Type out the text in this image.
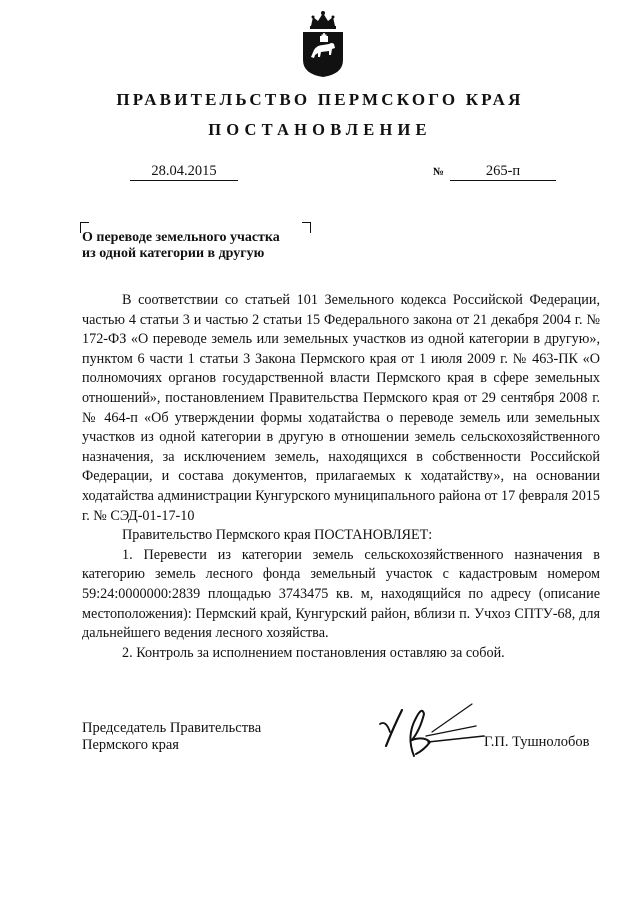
ПРАВИТЕЛЬСТВО ПЕРМСКОГО КРАЯ
ПОСТАНОВЛЕНИЕ
28.04.2015	№	265-п
О переводе земельного участка
из одной категории в другую

В соответствии со статьей 101 Земельного кодекса Российской Федерации, частью 4 статьи 3 и частью 2 статьи 15 Федерального закона от 21 декабря 2004 г. № 172-ФЗ «О переводе земель или земельных участков из одной категории в другую», пунктом 6 части 1 статьи 3 Закона Пермского края от 1 июля 2009 г. № 463-ПК «О полномочиях органов государственной власти Пермского края в сфере земельных отношений», постановлением Правительства Пермского края от 29 сентября 2008 г. № 464-п «Об утверждении формы ходатайства о переводе земель или земельных участков из одной категории в другую в отношении земель сельскохозяйственного назначения, за исключением земель, находящихся в собственности Российской Федерации, и состава документов, прилагаемых к ходатайству», на основании ходатайства администрации Кунгурского муниципального района от 17 февраля 2015 г. № СЭД-01-17-10

Правительство Пермского края ПОСТАНОВЛЯЕТ:

1. Перевести из категории земель сельскохозяйственного назначения в категорию земель лесного фонда земельный участок с кадастровым номером 59:24:0000000:2839 площадью 3743475 кв. м, находящийся по адресу (описание местоположения): Пермский край, Кунгурский район, вблизи п. Учхоз СПТУ-68, для дальнейшего ведения лесного хозяйства.

2. Контроль за исполнением постановления оставляю за собой.

Председатель Правительства
Пермского края	Г.П. Тушнолобов
